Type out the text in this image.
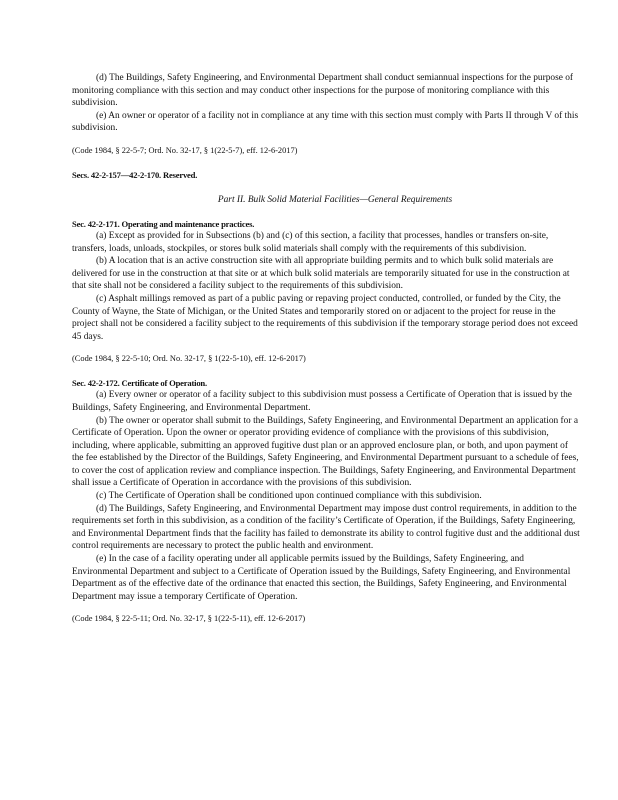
(d) The Buildings, Safety Engineering, and Environmental Department shall conduct semiannual inspections for the purpose of monitoring compliance with this section and may conduct other inspections for the purpose of monitoring compliance with this subdivision.

(e) An owner or operator of a facility not in compliance at any time with this section must comply with Parts II through V of this subdivision.

(Code 1984, § 22-5-7; Ord. No. 32-17, § 1(22-5-7), eff. 12-6-2017)

Secs. 42-2-157—42-2-170. Reserved.

Part II. Bulk Solid Material Facilities—General Requirements

Sec. 42-2-171. Operating and maintenance practices.

(a) Except as provided for in Subsections (b) and (c) of this section, a facility that processes, handles or transfers on-site, transfers, loads, unloads, stockpiles, or stores bulk solid materials shall comply with the requirements of this subdivision.

(b) A location that is an active construction site with all appropriate building permits and to which bulk solid materials are delivered for use in the construction at that site or at which bulk solid materials are temporarily situated for use in the construction at that site shall not be considered a facility subject to the requirements of this subdivision.

(c) Asphalt millings removed as part of a public paving or repaving project conducted, controlled, or funded by the City, the County of Wayne, the State of Michigan, or the United States and temporarily stored on or adjacent to the project for reuse in the project shall not be considered a facility subject to the requirements of this subdivision if the temporary storage period does not exceed 45 days.

(Code 1984, § 22-5-10; Ord. No. 32-17, § 1(22-5-10), eff. 12-6-2017)

Sec. 42-2-172. Certificate of Operation.

(a) Every owner or operator of a facility subject to this subdivision must possess a Certificate of Operation that is issued by the Buildings, Safety Engineering, and Environmental Department.

(b) The owner or operator shall submit to the Buildings, Safety Engineering, and Environmental Department an application for a Certificate of Operation. Upon the owner or operator providing evidence of compliance with the provisions of this subdivision, including, where applicable, submitting an approved fugitive dust plan or an approved enclosure plan, or both, and upon payment of the fee established by the Director of the Buildings, Safety Engineering, and Environmental Department pursuant to a schedule of fees, to cover the cost of application review and compliance inspection. The Buildings, Safety Engineering, and Environmental Department shall issue a Certificate of Operation in accordance with the provisions of this subdivision.

(c) The Certificate of Operation shall be conditioned upon continued compliance with this subdivision.

(d) The Buildings, Safety Engineering, and Environmental Department may impose dust control requirements, in addition to the requirements set forth in this subdivision, as a condition of the facility’s Certificate of Operation, if the Buildings, Safety Engineering, and Environmental Department finds that the facility has failed to demonstrate its ability to control fugitive dust and the additional dust control requirements are necessary to protect the public health and environment.

(e) In the case of a facility operating under all applicable permits issued by the Buildings, Safety Engineering, and Environmental Department and subject to a Certificate of Operation issued by the Buildings, Safety Engineering, and Environmental Department as of the effective date of the ordinance that enacted this section, the Buildings, Safety Engineering, and Environmental Department may issue a temporary Certificate of Operation.

(Code 1984, § 22-5-11; Ord. No. 32-17, § 1(22-5-11), eff. 12-6-2017)
